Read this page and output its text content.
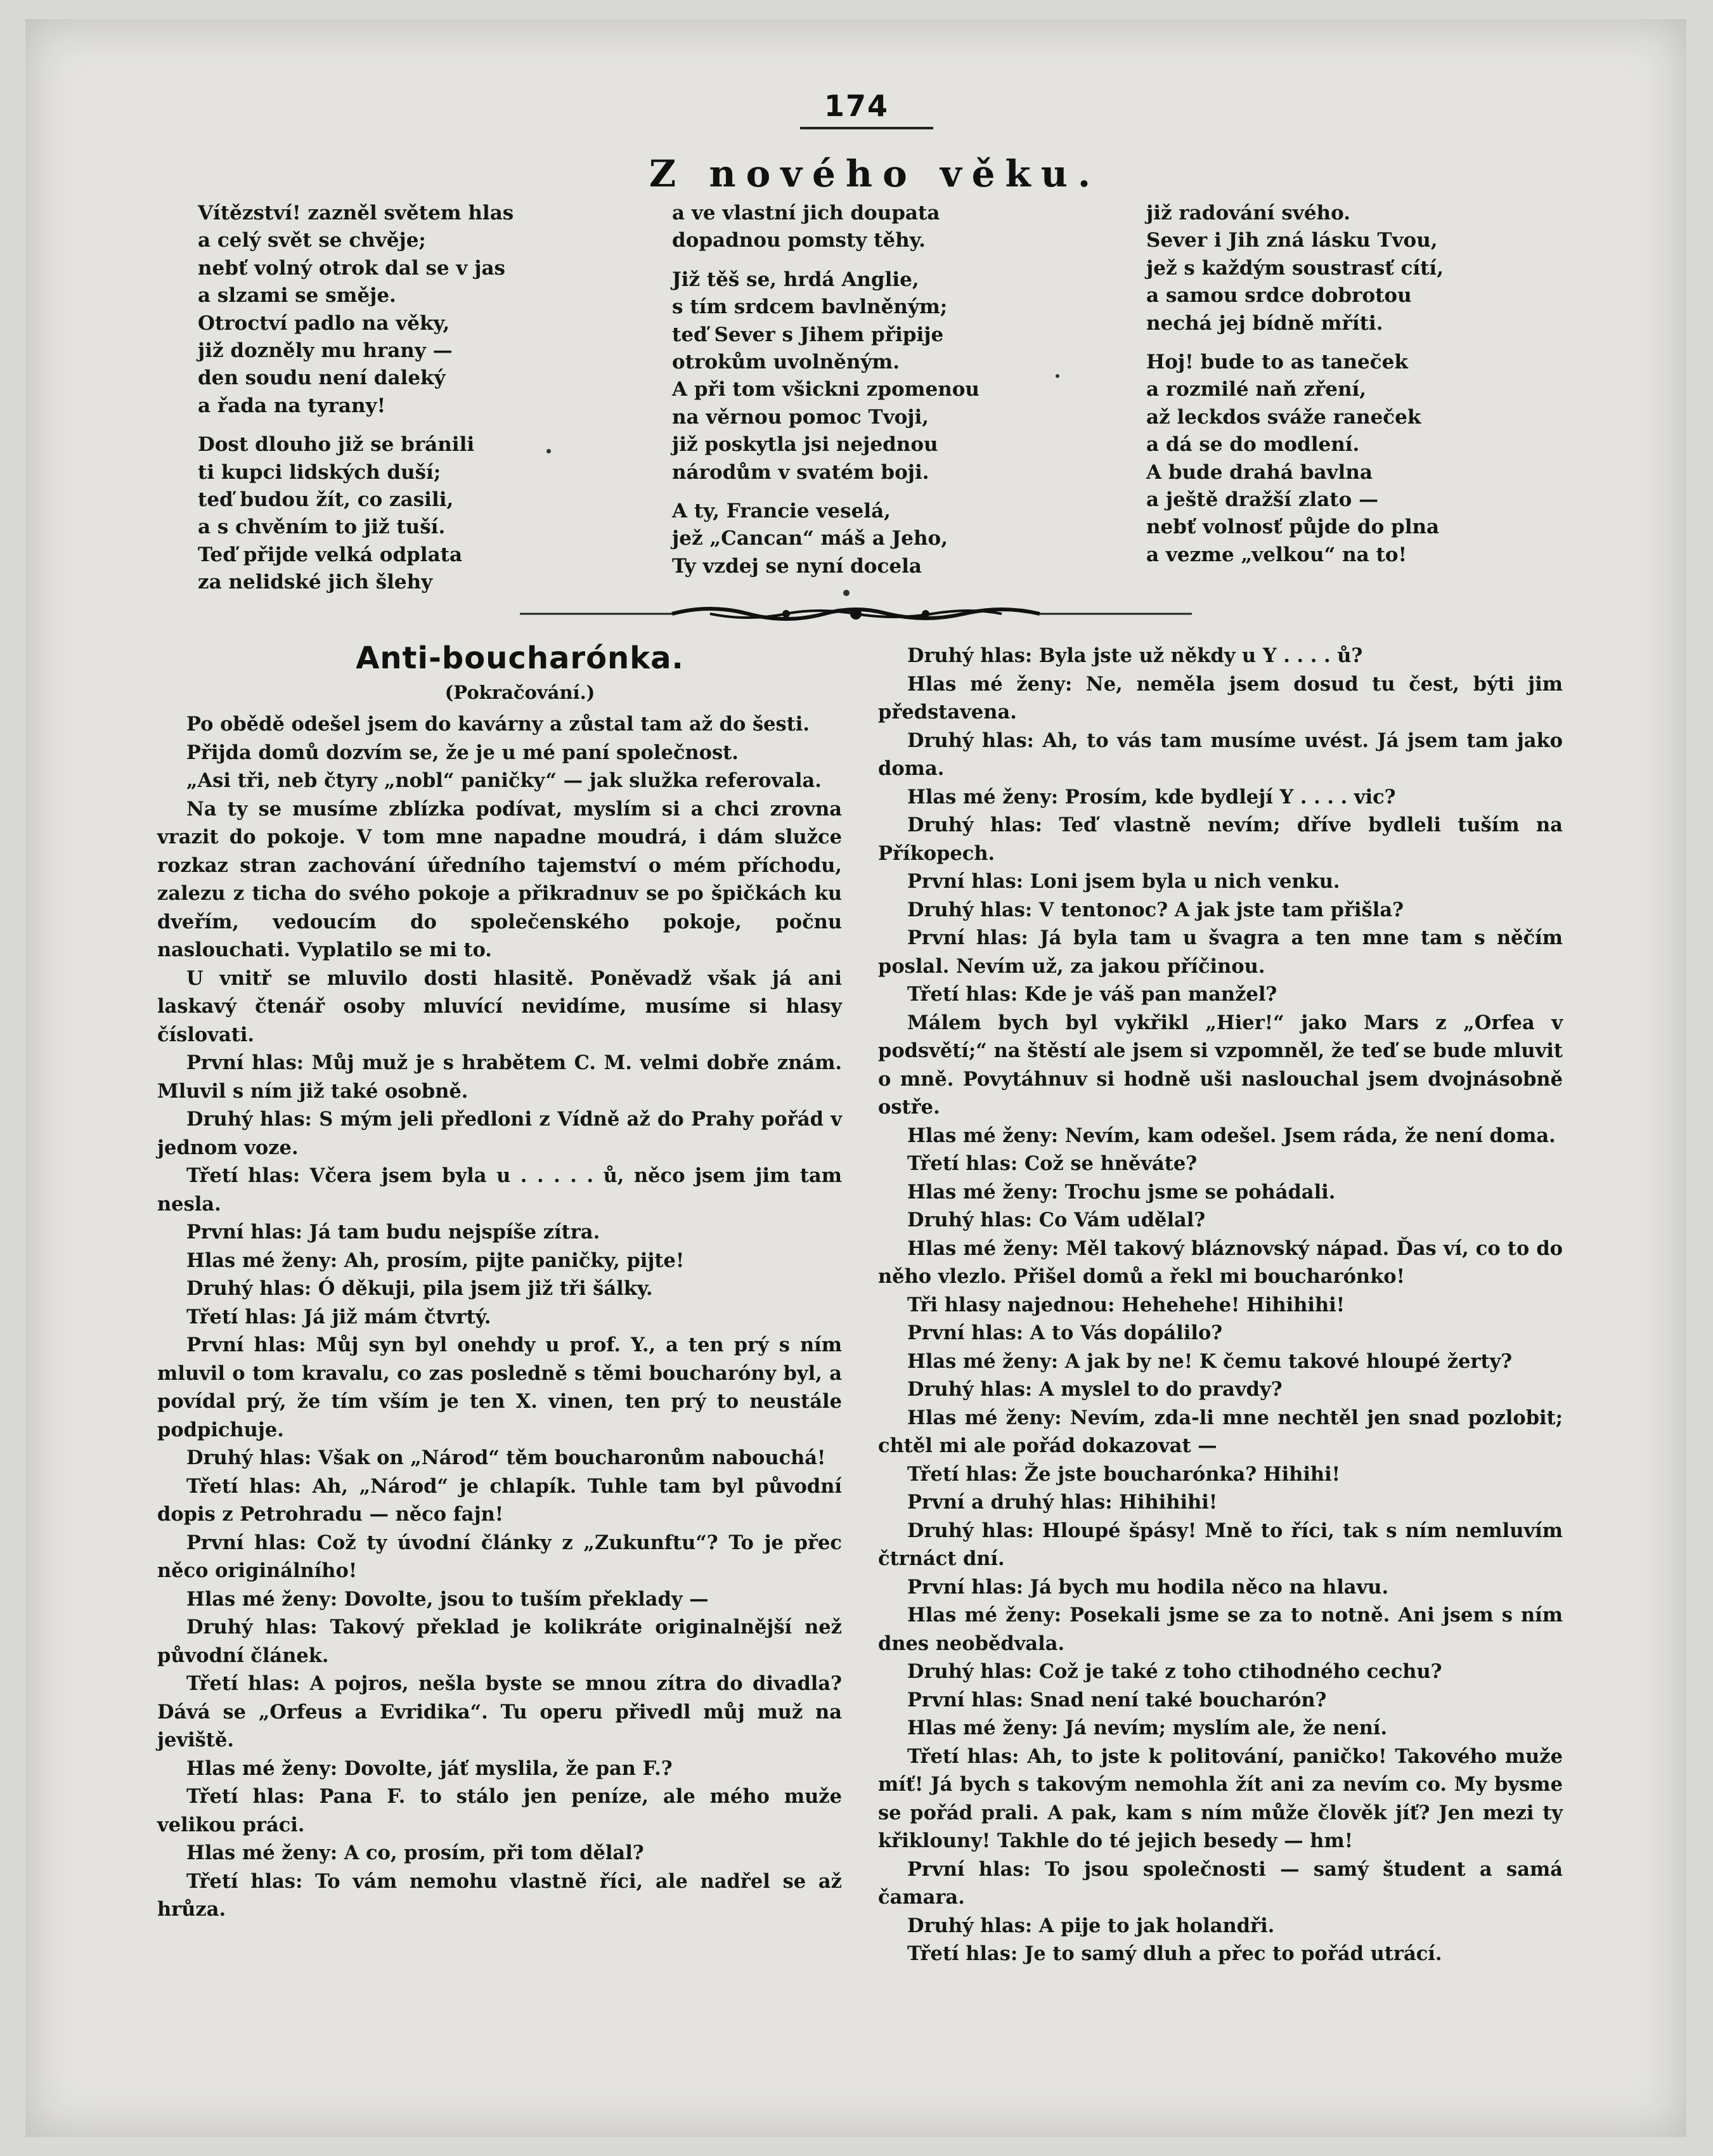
174
Z nového věku.
Vítězství! zazněl světem hlas
a celý svět se chvěje;
nebť volný otrok dal se v jas
a slzami se směje.
Otroctví padlo na věky,
již dozněly mu hrany —
den soudu není daleký
a řada na tyrany!
Dost dlouho již se bránili
ti kupci lidských duší;
teď budou žít, co zasili,
a s chvěním to již tuší.
Teď přijde velká odplata
za nelidské jich šlehy
a ve vlastní jich doupata
dopadnou pomsty těhy.
Již těš se, hrdá Anglie,
s tím srdcem bavlněným;
teď Sever s Jihem připije
otrokům uvolněným.
A při tom všickni zpomenou
na věrnou pomoc Tvoji,
již poskytla jsi nejednou
národům v svatém boji.
A ty, Francie veselá,
jež „Cancan“ máš a Jeho,
Ty vzdej se nyní docela
již radování svého.
Sever i Jih zná lásku Tvou,
jež s každým soustrasť cítí,
a samou srdce dobrotou
nechá jej bídně mříti.
Hoj! bude to as tanec̆ek
a rozmilé naň zření,
až leckdos sváže raneček
a dá se do modlení.
A bude drahá bavlna
a ještě dražší zlato —
nebť volnosť půjde do plna
a vezme „velkou“ na to!
Anti-boucharónka.
(Pokračování.)

Po obědě odešel jsem do kavárny a zůstal tam až do šesti.

Přijda domů dozvím se, že je u mé paní společnost.

„Asi tři, neb čtyry „nobl“ paničky“ — jak služka referovala.

Na ty se musíme zblízka podívat, myslím si a chci zrovna vrazit do pokoje. V tom mne napadne moudrá, i dám služce rozkaz stran zachování úředního tajemství o mém příchodu, zalezu z ticha do svého pokoje a přikradnuv se po špičkách ku dveřím, vedoucím do společenského pokoje, počnu naslouchati. Vyplatilo se mi to.

U vnitř se mluvilo dosti hlasitě. Poněvadž však já ani laskavý čtenář osoby mluvící nevidíme, musíme si hlasy číslovati.

První hlas: Můj muž je s hrabětem C. M. velmi dobře znám. Mluvil s ním již také osobně.

Druhý hlas: S mým jeli předloni z Vídně až do Prahy pořád v jednom voze.

Třetí hlas: Včera jsem byla u . . . . . ů, něco jsem jim tam nesla.

První hlas: Já tam budu nejspíše zítra.

Hlas mé ženy: Ah, prosím, pijte paničky, pijte!

Druhý hlas: Ó děkuji, pila jsem již tři šálky.

Třetí hlas: Já již mám čtvrtý.

První hlas: Můj syn byl onehdy u prof. Y., a ten prý s ním mluvil o tom kravalu, co zas posledně s těmi boucharóny byl, a povídal prý, že tím vším je ten X. vinen, ten prý to neustále podpichuje.

Druhý hlas: Však on „Národ“ těm boucharonům nabouchá!

Třetí hlas: Ah, „Národ“ je chlapík. Tuhle tam byl původní dopis z Petrohradu — něco fajn!

První hlas: Což ty úvodní články z „Zukunftu“? To je přec něco originálního!

Hlas mé ženy: Dovolte, jsou to tuším překlady —

Druhý hlas: Takový překlad je kolikráte originalnější než původní článek.

Třetí hlas: A pojros, nešla byste se mnou zítra do divadla? Dává se „Orfeus a Evridika“. Tu operu přivedl můj muž na jeviště.

Hlas mé ženy: Dovolte, jáť myslila, že pan F.?

Třetí hlas: Pana F. to stálo jen peníze, ale mého muže velikou práci.

Hlas mé ženy: A co, prosím, při tom dělal?

Třetí hlas: To vám nemohu vlastně říci, ale nadřel se až hrůza.

Druhý hlas: Byla jste už někdy u Y . . . . ů?

Hlas mé ženy: Ne, neměla jsem dosud tu čest, býti jim představena.

Druhý hlas: Ah, to vás tam musíme uvést. Já jsem tam jako doma.

Hlas mé ženy: Prosím, kde bydlejí Y . . . . vic?

Druhý hlas: Teď vlastně nevím; dříve bydleli tuším na Příkopech.

První hlas: Loni jsem byla u nich venku.

Druhý hlas: V tentonoc? A jak jste tam přišla?

První hlas: Já byla tam u švagra a ten mne tam s něčím poslal. Nevím už, za jakou příčinou.

Třetí hlas: Kde je váš pan manžel?

Málem bych byl vykřikl „Hier!“ jako Mars z „Orfea v podsvětí;“ na štěstí ale jsem si vzpomněl, že teď se bude mluvit o mně. Povytáhnuv si hodně uši naslouchal jsem dvojnásobně ostře.

Hlas mé ženy: Nevím, kam odešel. Jsem ráda, že není doma.

Třetí hlas: Což se hněváte?

Hlas mé ženy: Trochu jsme se pohádali.

Druhý hlas: Co Vám udělal?

Hlas mé ženy: Měl takový bláznovský nápad. Ďas ví, co to do něho vlezlo. Přišel domů a řekl mi boucharónko!

Tři hlasy najednou: Hehehehe! Hihihihi!

První hlas: A to Vás dopálilo?

Hlas mé ženy: A jak by ne! K čemu takové hloupé žerty?

Druhý hlas: A myslel to do pravdy?

Hlas mé ženy: Nevím, zda-li mne nechtěl jen snad pozlobit; chtěl mi ale pořád dokazovat —

Třetí hlas: Že jste boucharónka? Hihihi!

První a druhý hlas: Hihihihi!

Druhý hlas: Hloupé špásy! Mně to říci, tak s ním nemluvím čtrnáct dní.

První hlas: Já bych mu hodila něco na hlavu.

Hlas mé ženy: Posekali jsme se za to notně. Ani jsem s ním dnes neobědvala.

Druhý hlas: Což je také z toho ctihodného cechu?

První hlas: Snad není také boucharón?

Hlas mé ženy: Já nevím; myslím ale, že není.

Třetí hlas: Ah, to jste k politování, paničko! Takového muže míť! Já bych s takovým nemohla žít ani za nevím co. My bysme se pořád prali. A pak, kam s ním může člověk jíť? Jen mezi ty křiklouny! Takhle do té jejich besedy — hm!

První hlas: To jsou společnosti — samý študent a samá čamara.

Druhý hlas: A pije to jak holandři.

Třetí hlas: Je to samý dluh a přec to pořád utrácí.
